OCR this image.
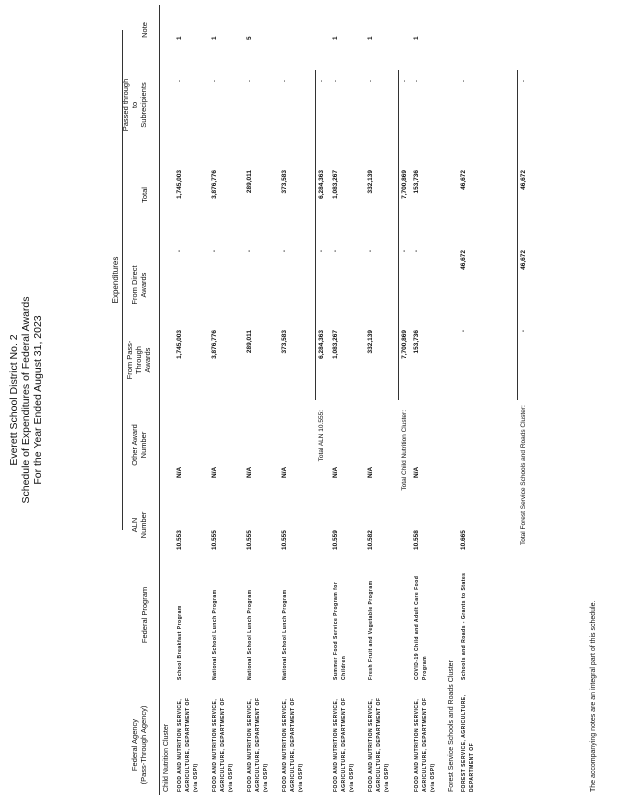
Everett School District No. 2 Schedule of Expenditures of Federal Awards For the Year Ended August 31, 2023
Expenditures
Federal Agency
(Pass-Through Agency)
Federal Program
ALN
Number
Other Award
Number
From Pass-
Through
Awards
From Direct
Awards
Total
Passed through
to
Subrecipients
Note
Child Nutrition Cluster FOOD AND NUTRITION SERVICE, AGRICULTURE, DEPARTMENT OF (via OSPI)
School Breakfast Program
10.553
N/A
1,745,003
-
1,745,003
-
1
FOOD AND NUTRITION SERVICE, AGRICULTURE, DEPARTMENT OF (via OSPI)
National School Lunch Program
10.555
N/A
3,876,776
-
3,876,776
-
1
FOOD AND NUTRITION SERVICE, AGRICULTURE, DEPARTMENT OF (via OSPI)
National School Lunch Program
10.555
N/A
289,011
-
289,011
-
5
FOOD AND NUTRITION SERVICE, AGRICULTURE, DEPARTMENT OF (via OSPI)
National School Lunch Program
10.555
N/A
373,583
-
373,583
-
Total ALN 10.555:
6,284,363
-
6,284,363
-
FOOD AND NUTRITION SERVICE, AGRICULTURE, DEPARTMENT OF (via OSPI)
Summer Food Service Program for Children
10.559
N/A
1,083,267
-
1,083,267
-
1
FOOD AND NUTRITION SERVICE, AGRICULTURE, DEPARTMENT OF (via OSPI)
Fresh Fruit and Vegetable Program
10.582
N/A
332,139
-
332,139
-
1
Total Child Nutrition Cluster:
7,700,869
-
7,700,869
-
FOOD AND NUTRITION SERVICE, AGRICULTURE, DEPARTMENT OF (via OSPI)
COVID-19 Child and Adult Care Food Program
10.558
N/A
153,736
-
153,736
-
1
Forest Service Schools and Roads Cluster FOREST SERVICE, AGRICULTURE, DEPARTMENT OF
Schools and Roads - Grants to States
10.665
-
46,672
46,672
-
Total Forest Service Schools and Roads Cluster:
-
46,672
46,672
-
The accompanying notes are an integral part of this schedule.
